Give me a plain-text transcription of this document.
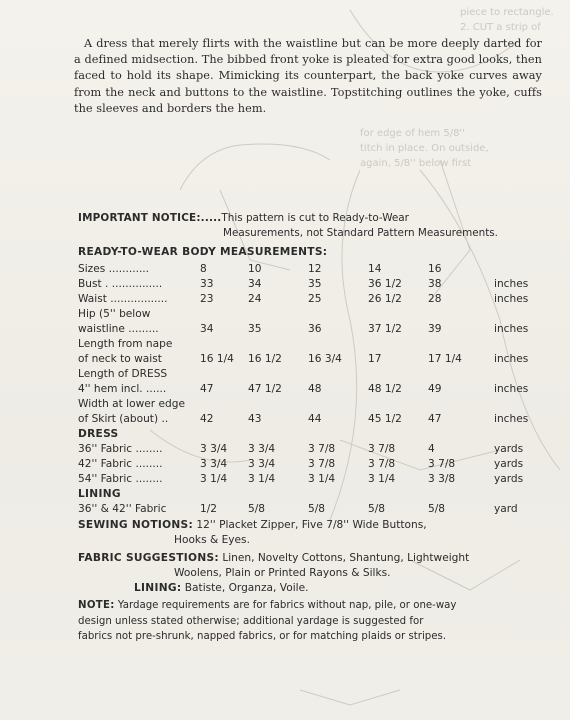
piece to rectangle.
2. CUT a strip of
for edge of hem 5/8''
titch in place. On outside,
again, 5/8'' below first

A dress that merely flirts with the waistline but can be more deeply darted for a defined midsection. The bibbed front yoke is pleated for extra good looks, then faced to hold its shape. Mimicking its counterpart, the back yoke curves away from the neck and buttons to the waistline. Topstitching outlines the yoke, cuffs the sleeves and borders the hem.

IMPORTANT NOTICE:.....This pattern is cut to Ready-to-Wear
Measurements, not Standard Pattern Measurements.
READY-TO-WEAR BODY MEASUREMENTS:
Sizes ............	8	10	12	14	16	
Bust . ...............	33	34	35	36 1/2	38	inches
Waist .................	23	24	25	26 1/2	28	inches
Hip (5'' below						
waistline .........	34	35	36	37 1/2	39	inches
Length from nape						
of neck to waist	16 1/4	16 1/2	16 3/4	17	17 1/4	inches
Length of DRESS						
4'' hem incl. ......	47	47 1/2	48	48 1/2	49	inches
Width at lower edge						
of Skirt (about) ..	42	43	44	45 1/2	47	inches
DRESS						
36'' Fabric ........	3 3/4	3 3/4	3 7/8	3 7/8	4	yards
42'' Fabric ........	3 3/4	3 3/4	3 7/8	3 7/8	3 7/8	yards
54'' Fabric ........	3 1/4	3 1/4	3 1/4	3 1/4	3 3/8	yards
LINING						
36'' & 42'' Fabric	1/2	5/8	5/8	5/8	5/8	yard
SEWING NOTIONS: 12'' Placket Zipper, Five 7/8'' Wide Buttons,
Hooks & Eyes.
FABRIC SUGGESTIONS: Linen, Novelty Cottons, Shantung, Lightweight
Woolens, Plain or Printed Rayons & Silks.
LINING: Batiste, Organza, Voile.
NOTE: Yardage requirements are for fabrics without nap, pile, or one-way
design unless stated otherwise; additional yardage is suggested for
fabrics not pre-shrunk, napped fabrics, or for matching plaids or stripes.
